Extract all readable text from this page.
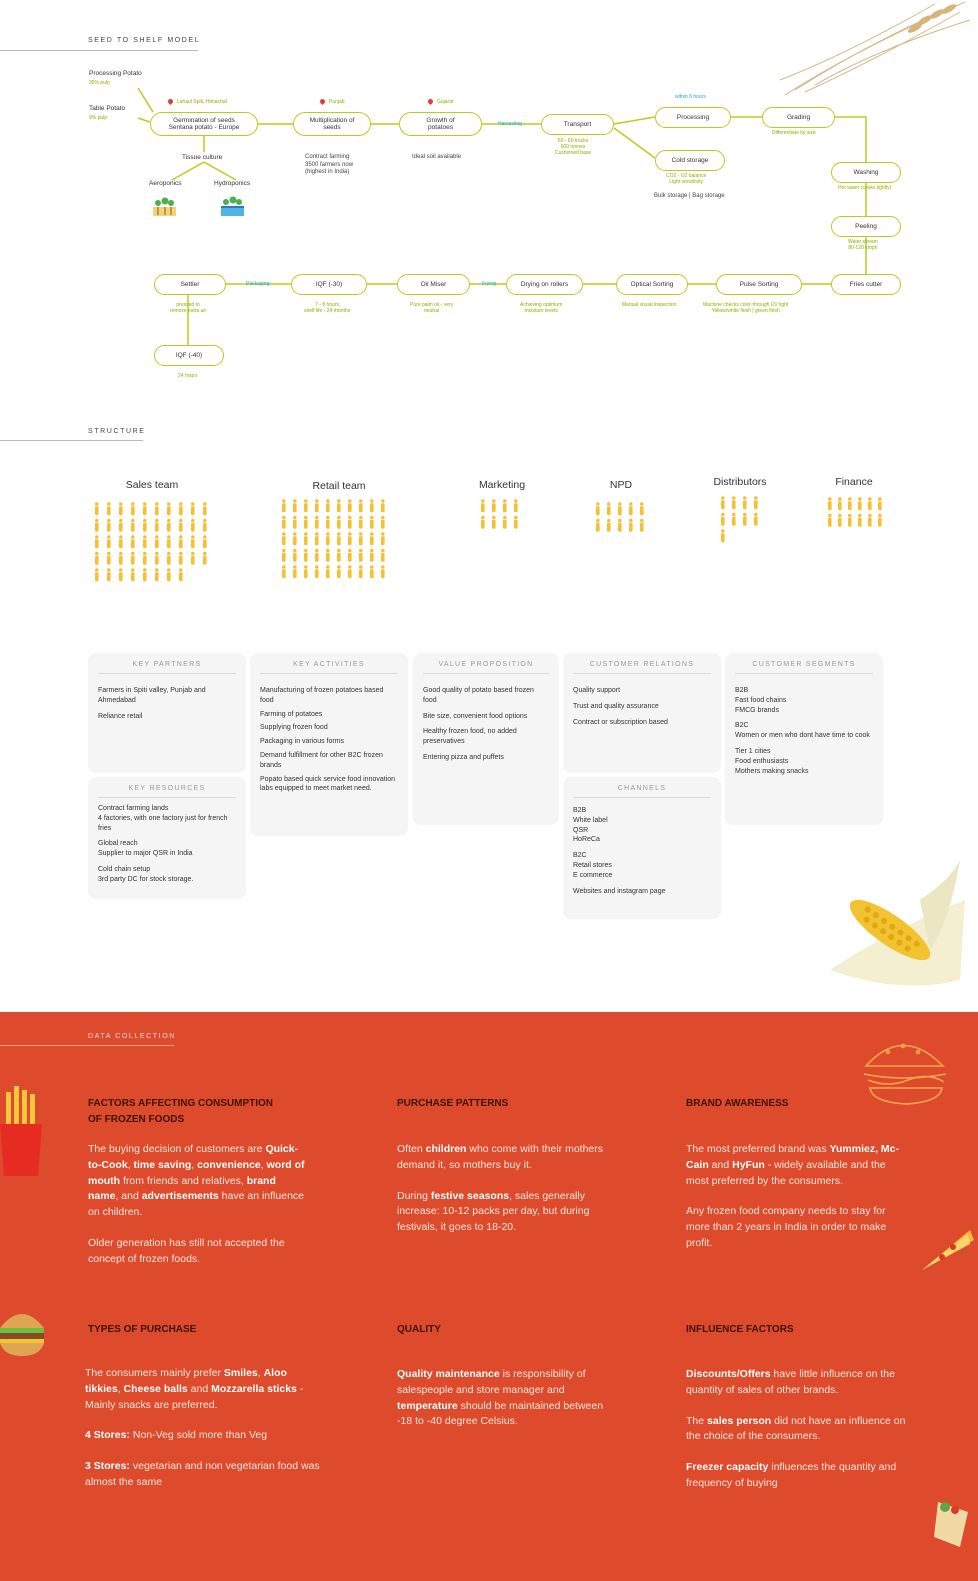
SEED TO SHELF MODEL
Processing Potato
35% pulp
Table Potato
9% pulp
Lahaul Spiti, Himachal	Punjab	Gujarat
Germination of seeds
Sentana potato - Europe
Multiplication of
seeds
Growth of
potatoes	Transport
Processing
Cold storage
Grading
Washing
Peeling
Fries cutter
Pulse Sorting
Optical Sorting
Drying on rollers
Oil Miser
IQF (-30)
Settler
IQF (-40)
Tissue culture
Aeroponics	Hydroponics
Contract farming
3500 farmers now
(highest in India)
Ideal soil available
Harvesting
50 - 60 trucks
600 tonnes
Cushioned base
within 8 hours
CO2 - O2 balance
Light sensitivity
Bulk storage | Bag storage
Differentiate by size
Hot water (cooks lightly)
Water stream
80-120 kmph
Machine checks color through UV light
Yellow/white flesh | green flesh
Manual visual inspection
Achieving optimum
moisture levels
Pure palm oil - very
neutral
7 - 8 hours
shelf life - 24 months
pressed to
remove extra air
24 hours
Frying
Packaging
STRUCTURE
Sales team	Retail team	Marketing	NPD	Distributors	Finance
KEY PARTNERS

Farmers in Spiti valley, Punjab and Ahmedabad

Reliance retail

KEY RESOURCES

Contract farming lands
4 factories, with one factory just for french fries

Global reach
Supplier to major QSR in India

Cold chain setup
3rd party DC for stock storage.

KEY ACTIVITIES

Manufacturing of frozen potatoes based food

Farming of potatoes

Supplying frozen food

Packaging in various forms

Demand fulfillment for other B2C frozen brands

Popato based quick service food innovation labs equipped to meet market need.

VALUE PROPOSITION

Good quality of potato based frozen food

Bite size, convenient food options

Healthy frozen food, no added preservatives

Entering pizza and puffets

CUSTOMER RELATIONS

Quality support

Trust and quality assurance

Contract or subscription based

CHANNELS

B2B
White label
QSR
HoReCa

B2C
Retail stores
E commerce

Websites and instagram page

CUSTOMER SEGMENTS

B2B
Fast food chains
FMCG brands

B2C
Women or men who dont have time to cook

Tier 1 cities
Food enthusiasts
Mothers making snacks

DATA COLLECTION
FACTORS AFFECTING CONSUMPTION
OF FROZEN FOODS

The buying decision of customers are Quick-to-Cook, time saving, convenience, word of mouth from friends and relatives, brand name, and advertisements have an influence on children.

Older generation has still not accepted the concept of frozen foods.

PURCHASE PATTERNS

Often children who come with their mothers demand it, so mothers buy it.

During festive seasons, sales generally increase: 10-12 packs per day, but during festivals, it goes to 18-20.

BRAND AWARENESS

The most preferred brand was Yummiez, Mc-Cain and HyFun - widely available and the most preferred by the consumers.

Any frozen food company needs to stay for more than 2 years in India in order to make profit.

TYPES OF PURCHASE

The consumers mainly prefer Smiles, Aloo tikkies, Cheese balls and Mozzarella sticks - Mainly snacks are preferred.

4 Stores: Non-Veg sold more than Veg

3 Stores: vegetarian and non vegetarian food was almost the same

QUALITY

Quality maintenance is responsibility of salespeople and store manager and temperature should be maintained between -18 to -40 degree Celsius.

INFLUENCE FACTORS

Discounts/Offers have little influence on the quantity of sales of other brands.

The sales person did not have an influence on the choice of the consumers.

Freezer capacity influences the quantity and frequency of buying
